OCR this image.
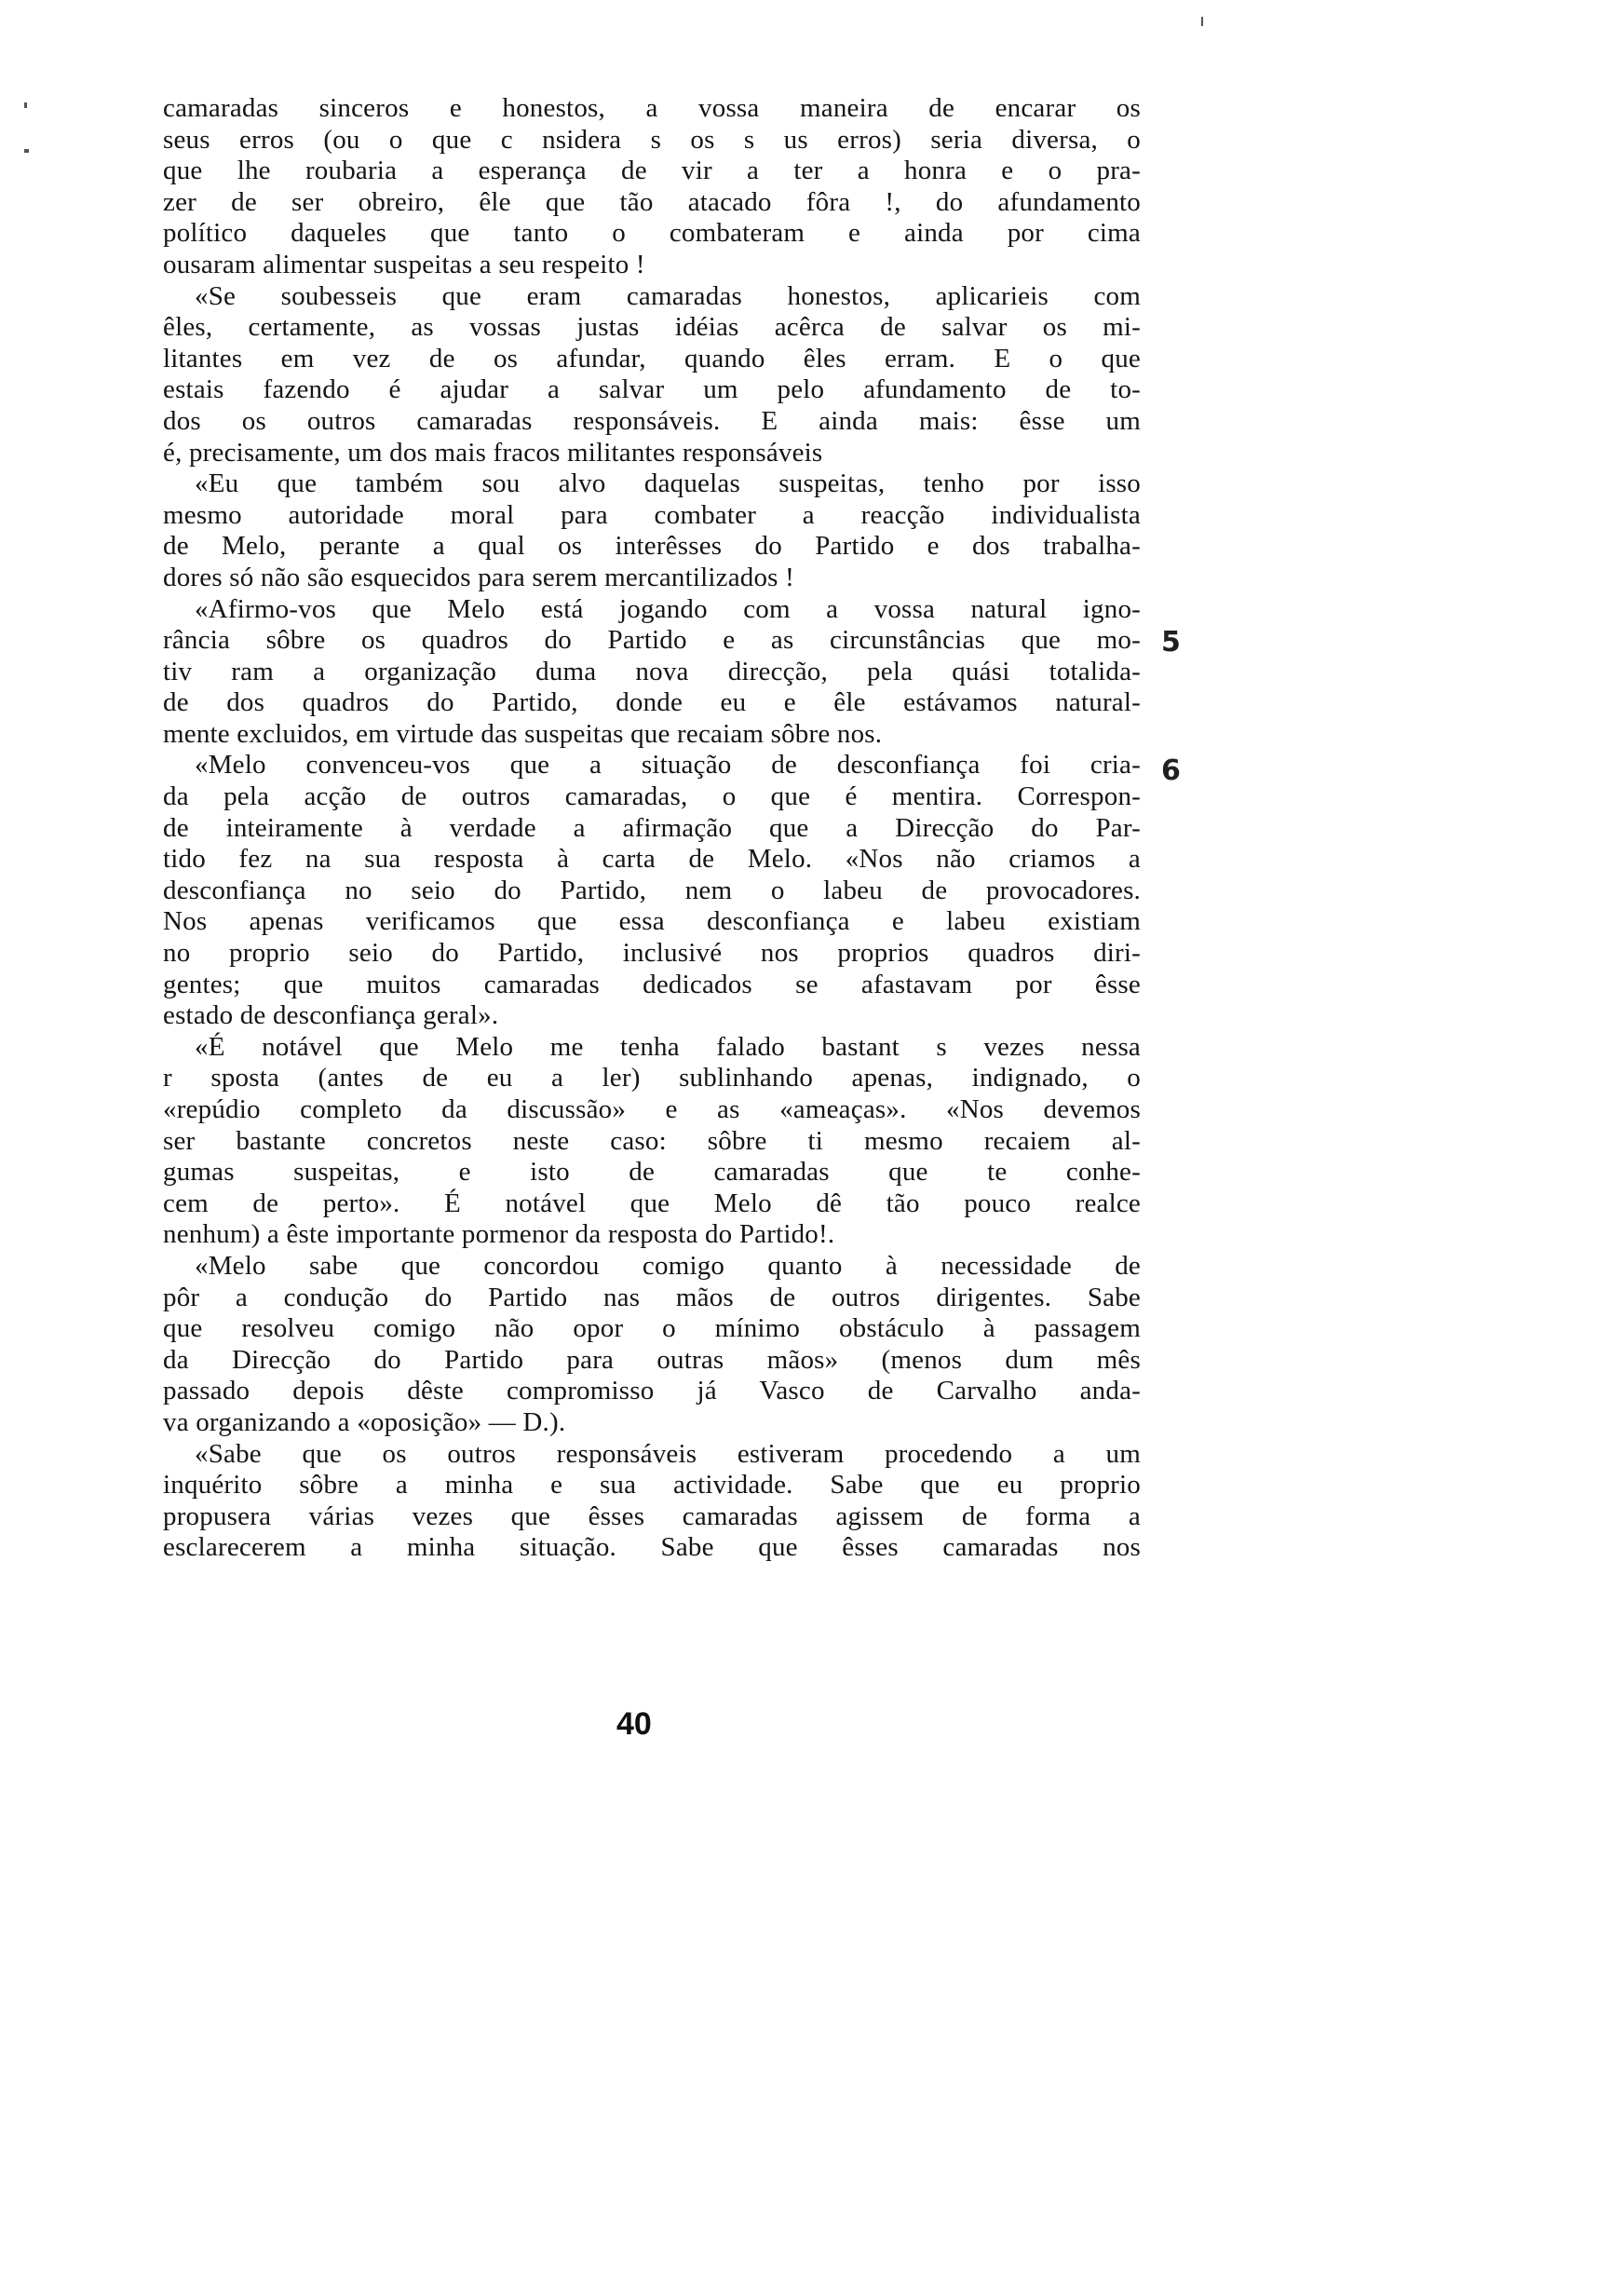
camaradas sinceros e honestos, a vossa maneira de encarar os
seus erros (ou o que c nsidera s os s us erros) seria diversa, o
que lhe roubaria a esperança de vir a ter a honra e o pra-
zer de ser obreiro, êle que tão atacado fôra !, do afundamento
político daqueles que tanto o combateram e ainda por cima
ousaram alimentar suspeitas a seu respeito !
«Se soubesseis que eram camaradas honestos, aplicarieis com
êles, certamente, as vossas justas idéias acêrca de salvar os mi-
litantes em vez de os afundar, quando êles erram. E o que
estais fazendo é ajudar a salvar um pelo afundamento de to-
dos os outros camaradas responsáveis. E ainda mais: êsse um
é, precisamente, um dos mais fracos militantes responsáveis
«Eu que também sou alvo daquelas suspeitas, tenho por isso
mesmo autoridade moral para combater a reacção individualista
de Melo, perante a qual os interêsses do Partido e dos trabalha-
dores só não são esquecidos para serem mercantilizados !
«Afirmo-vos que Melo está jogando com a vossa natural igno-
rância sôbre os quadros do Partido e as circunstâncias que mo-
tiv ram a organização duma nova direcção, pela quási totalida-
de dos quadros do Partido, donde eu e êle estávamos natural-
mente excluidos, em virtude das suspeitas que recaiam sôbre nos.
«Melo convenceu-vos que a situação de desconfiança foi cria-
da pela acção de outros camaradas, o que é mentira. Correspon-
de inteiramente à verdade a afirmação que a Direcção do Par-
tido fez na sua resposta à carta de Melo. «Nos não criamos a
desconfiança no seio do Partido, nem o labeu de provocadores.
Nos apenas verificamos que essa desconfiança e labeu existiam
no proprio seio do Partido, inclusivé nos proprios quadros diri-
gentes; que muitos camaradas dedicados se afastavam por êsse
estado de desconfiança geral».
«É notável que Melo me tenha falado bastant s vezes nessa
r sposta (antes de eu a ler) sublinhando apenas, indignado, o
«repúdio completo da discussão» e as «ameaças». «Nos devemos
ser bastante concretos neste caso: sôbre ti mesmo recaiem al-
gumas suspeitas, e isto de camaradas que te conhe-
cem de perto». É notável que Melo dê tão pouco realce
nenhum) a êste importante pormenor da resposta do Partido!.
«Melo sabe que concordou comigo quanto à necessidade de
pôr a condução do Partido nas mãos de outros dirigentes. Sabe
que resolveu comigo não opor o mínimo obstáculo à passagem
da Direcção do Partido para outras mãos» (menos dum mês
passado depois dêste compromisso já Vasco de Carvalho anda-
va organizando a «oposição» — D.).
«Sabe que os outros responsáveis estiveram procedendo a um
inquérito sôbre a minha e sua actividade. Sabe que eu proprio
propusera várias vezes que êsses camaradas agissem de forma a
esclarecerem a minha situação. Sabe que êsses camaradas nos
5
6
40
